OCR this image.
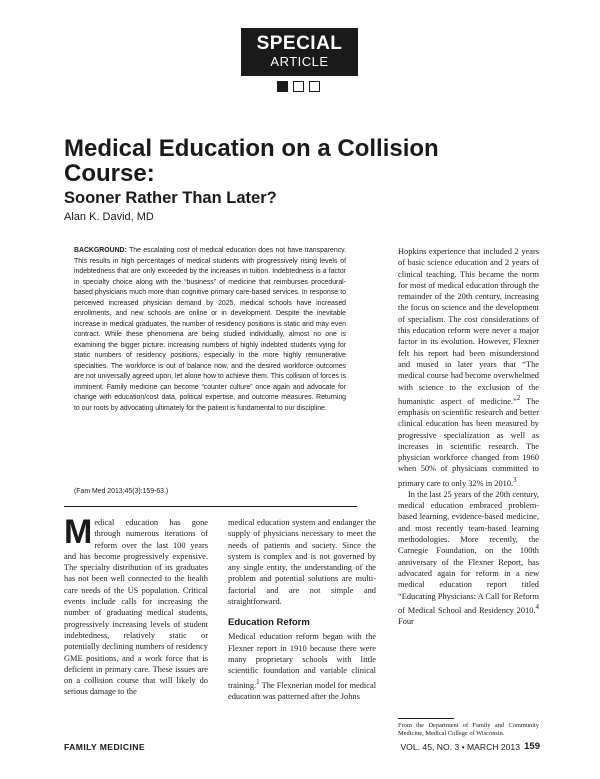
SPECIAL
ARTICLE
Medical Education on a Collision Course:
Sooner Rather Than Later?

Alan K. David, MD

BACKGROUND: The escalating cost of medical education does not have transparency. This results in high percentages of medical students with progressively rising levels of indebtedness that are only exceeded by the increases in tuition. Indebtedness is a factor in specialty choice along with the “business” of medicine that reimburses procedural-based physicians much more than cognitive primary care-based services. In response to perceived increased physician demand by 2025, medical schools have increased enrollments, and new schools are online or in development. Despite the inevitable increase in medical graduates, the number of residency positions is static and may even contract. While these phenomena are being studied individually, almost no one is examining the bigger picture: increasing numbers of highly indebted students vying for static numbers of residency positions, especially in the more highly remunerative specialties. The workforce is out of balance now, and the desired workforce outcomes are not universally agreed upon, let alone how to achieve them. This collision of forces is imminent. Family medicine can become “counter culture” once again and advocate for change with education/cost data, political expertise, and outcome measures. Returning to our roots by advocating ultimately for the patient is fundamental to our discipline.

(Fam Med 2013;45(3):159-63.)

Medical education has gone through numerous iterations of reform over the last 100 years and has become progressively expensive. The specialty distribution of its graduates has not been well connected to the health care needs of the US population. Critical events include calls for increasing the number of graduating medical students, progressively increasing levels of student indebtedness, relatively static or potentially declining numbers of residency GME positions, and a work force that is deficient in primary care. These issues are on a collision course that will likely do serious damage to the

medical education system and endanger the supply of physicians necessary to meet the needs of patients and society. Since the system is complex and is not governed by any single entity, the understanding of the problem and potential solutions are multi-factorial and are not simple and straightforward.

Education Reform

Medical education reform began with the Flexner report in 1910 because there were many proprietary schools with little scientific foundation and variable clinical training.$^1$ The Flexnerian model for medical education was patterned after the Johns

Hopkins experience that included 2 years of basic science education and 2 years of clinical teaching. This became the norm for most of medical education through the remainder of the 20th century, increasing the focus on science and the development of specialism. The cost considerations of this education reform were never a major factor in its evolution. However, Flexner felt his report had been misunderstood and mused in later years that “The medical course had become overwhelmed with science to the exclusion of the humanistic aspect of medicine.”$^2$ The emphasis on scientific research and better clinical education has been measured by progressive specialization as well as increases in scientific research. The physician workforce changed from 1960 when 50% of physicians committed to primary care to only 32% in 2010.$^3$

In the last 25 years of the 20th century, medical education embraced problem-based learning, evidence-based medicine, and most recently team-based learning methodologies. More recently, the Carnegie Foundation, on the 100th anniversary of the Flexner Report, has advocated again for reform in a new medical education report titled “Educating Physicians: A Call for Reform of Medical School and Residency 2010.$^4$ Four

From the Department of Family and Community Medicine, Medical College of Wisconsin.

FAMILY MEDICINE	VOL. 45, NO. 3 • MARCH 2013 159
